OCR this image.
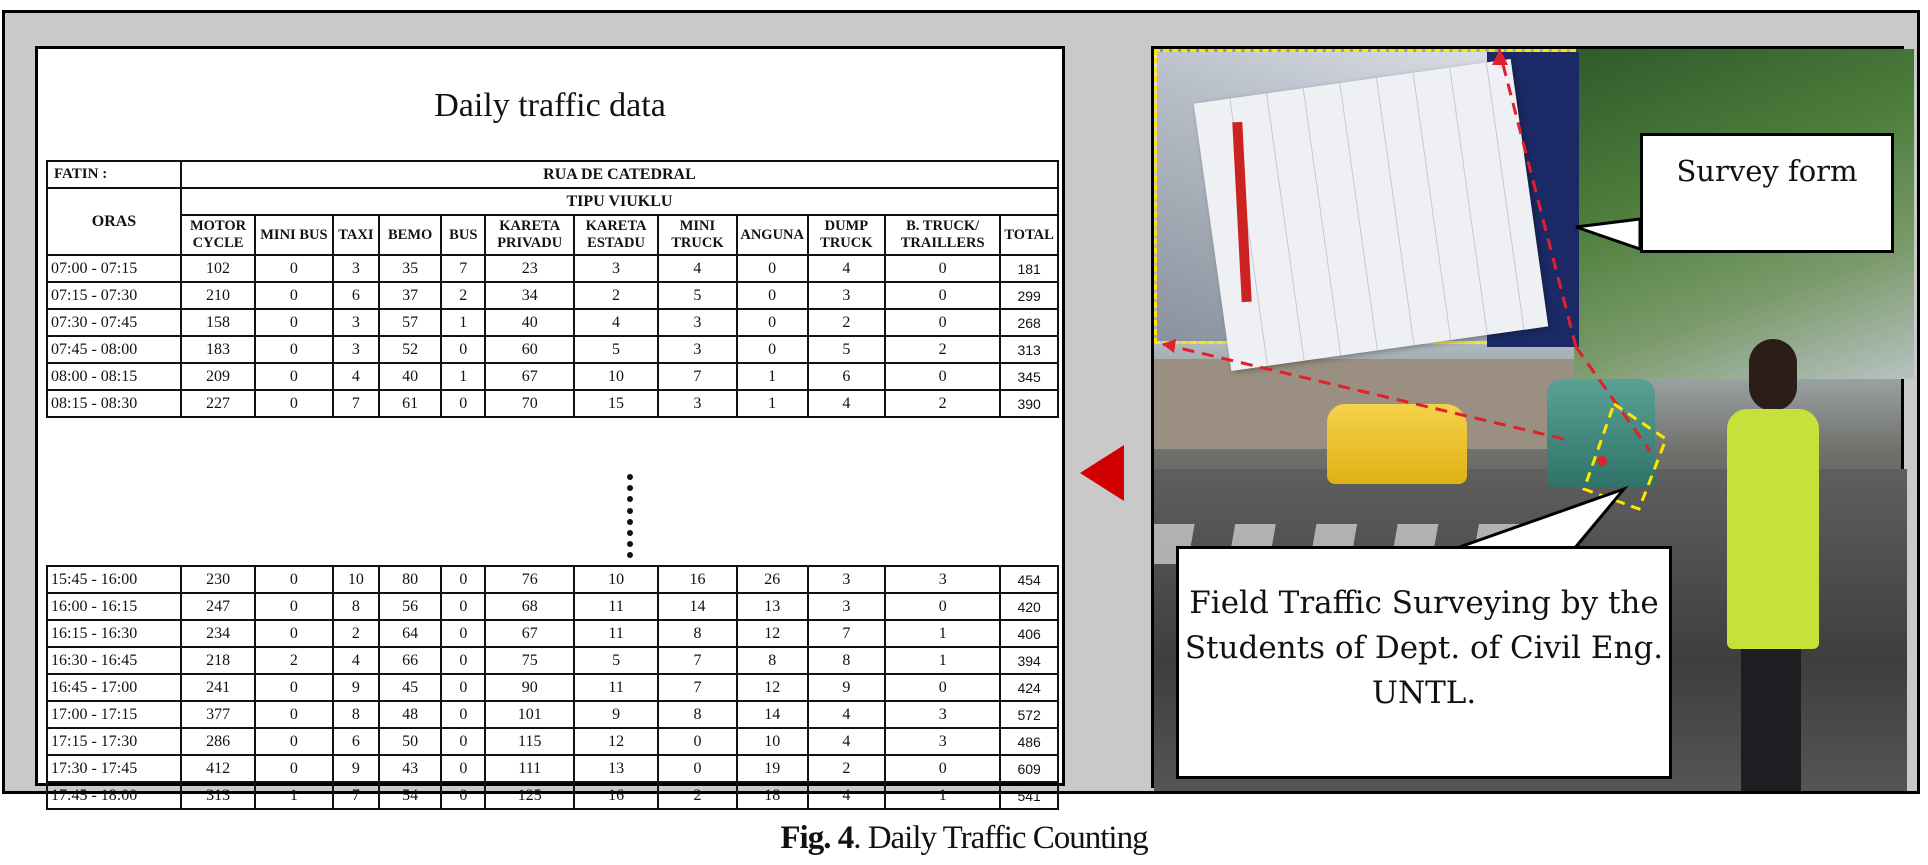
Daily traffic data
FATIN :	RUA DE CATEDRAL											
ORAS	TIPU VIUKLU											
	MOTOR CYCLE	MINI BUS	TAXI	BEMO	BUS	KARETA PRIVADU	KARETA ESTADU	MINI TRUCK	ANGUNA	DUMP TRUCK	B. TRUCK/ TRAILLERS	TOTAL
07:00 - 07:15	102	0	3	35	7	23	3	4	0	4	0	181
07:15 - 07:30	210	0	6	37	2	34	2	5	0	3	0	299
07:30 - 07:45	158	0	3	57	1	40	4	3	0	2	0	268
07:45 - 08:00	183	0	3	52	0	60	5	3	0	5	2	313
08:00 - 08:15	209	0	4	40	1	67	10	7	1	6	0	345
08:15 - 08:30	227	0	7	61	0	70	15	3	1	4	2	390
15:45 - 16:00	230	0	10	80	0	76	10	16	26	3	3	454
16:00 - 16:15	247	0	8	56	0	68	11	14	13	3	0	420
16:15 - 16:30	234	0	2	64	0	67	11	8	12	7	1	406
16:30 - 16:45	218	2	4	66	0	75	5	7	8	8	1	394
16:45 - 17:00	241	0	9	45	0	90	11	7	12	9	0	424
17:00 - 17:15	377	0	8	48	0	101	9	8	14	4	3	572
17:15 - 17:30	286	0	6	50	0	115	12	0	10	4	3	486
17:30 - 17:45	412	0	9	43	0	111	13	0	19	2	0	609
17:45 - 18:00	313	1	7	54	0	125	16	2	18	4	1	541
Survey form
Field Traffic Surveying by the Students of Dept. of Civil Eng. UNTL.
Fig. 4. Daily Traffic Counting
